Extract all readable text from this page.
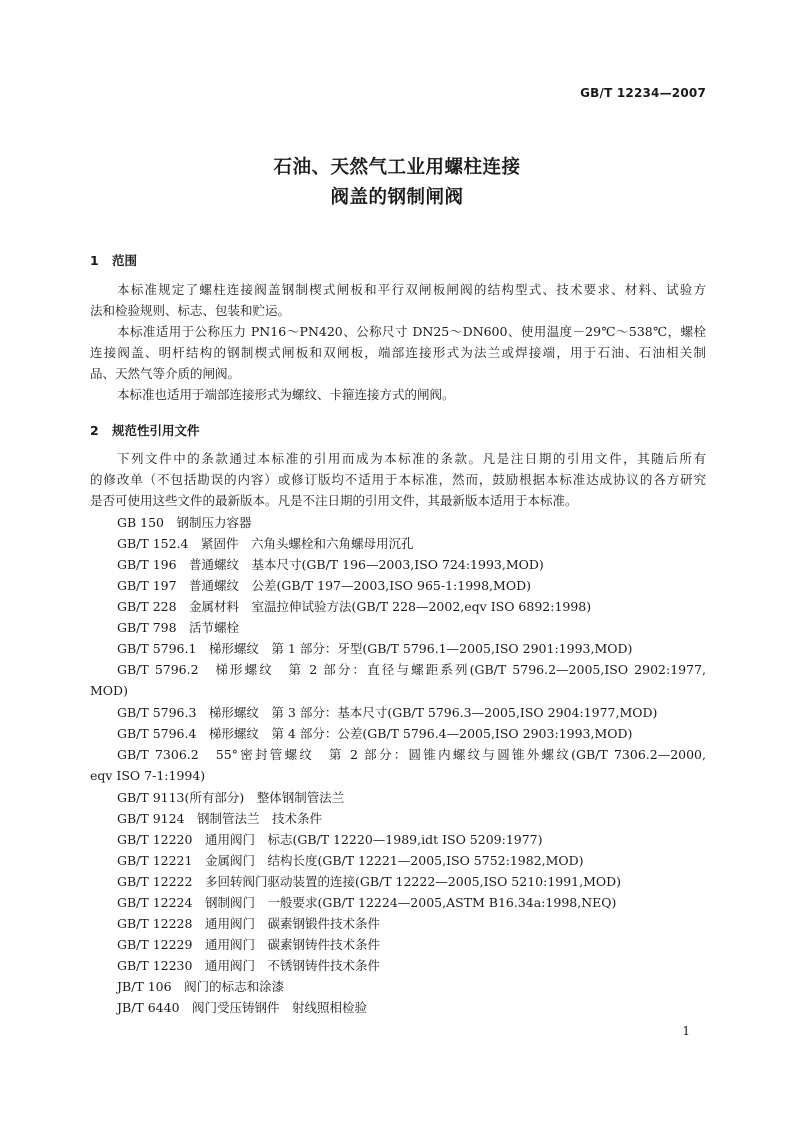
GB/T 12234—2007
石油、天然气工业用螺柱连接
阀盖的钢制闸阀
1 范围
本标准规定了螺柱连接阀盖钢制楔式闸板和平行双闸板闸阀的结构型式、技术要求、材料、试验方
法和检验规则、标志、包装和贮运。
本标准适用于公称压力 PN16～PN420、公称尺寸 DN25～DN600、使用温度－29℃～538℃，螺栓
连接阀盖、明杆结构的钢制楔式闸板和双闸板，端部连接形式为法兰或焊接端，用于石油、石油相关制
品、天然气等介质的闸阀。
本标准也适用于端部连接形式为螺纹、卡箍连接方式的闸阀。
2 规范性引用文件
下列文件中的条款通过本标准的引用而成为本标准的条款。凡是注日期的引用文件，其随后所有
的修改单（不包括勘误的内容）或修订版均不适用于本标准，然而，鼓励根据本标准达成协议的各方研究
是否可使用这些文件的最新版本。凡是不注日期的引用文件，其最新版本适用于本标准。
GB 150　钢制压力容器
GB/T 152.4　紧固件　六角头螺栓和六角螺母用沉孔
GB/T 196　普通螺纹　基本尺寸(GB/T 196—2003,ISO 724:1993,MOD)
GB/T 197　普通螺纹　公差(GB/T 197—2003,ISO 965-1:1998,MOD)
GB/T 228　金属材料　室温拉伸试验方法(GB/T 228—2002,eqv ISO 6892:1998)
GB/T 798　活节螺栓
GB/T 5796.1　梯形螺纹　第 1 部分：牙型(GB/T 5796.1—2005,ISO 2901:1993,MOD)
GB/T 5796.2　梯形螺纹　第 2 部分：直径与螺距系列(GB/T 5796.2—2005,ISO 2902:1977,
MOD)
GB/T 5796.3　梯形螺纹　第 3 部分：基本尺寸(GB/T 5796.3—2005,ISO 2904:1977,MOD)
GB/T 5796.4　梯形螺纹　第 4 部分：公差(GB/T 5796.4—2005,ISO 2903:1993,MOD)
GB/T 7306.2　55°密封管螺纹　第 2 部分：圆锥内螺纹与圆锥外螺纹(GB/T 7306.2—2000,
eqv ISO 7-1:1994)
GB/T 9113(所有部分)　整体钢制管法兰
GB/T 9124　钢制管法兰　技术条件
GB/T 12220　通用阀门　标志(GB/T 12220—1989,idt ISO 5209:1977)
GB/T 12221　金属阀门　结构长度(GB/T 12221—2005,ISO 5752:1982,MOD)
GB/T 12222　多回转阀门驱动装置的连接(GB/T 12222—2005,ISO 5210:1991,MOD)
GB/T 12224　钢制阀门　一般要求(GB/T 12224—2005,ASTM B16.34a:1998,NEQ)
GB/T 12228　通用阀门　碳素钢锻件技术条件
GB/T 12229　通用阀门　碳素钢铸件技术条件
GB/T 12230　通用阀门　不锈钢铸件技术条件
JB/T 106　阀门的标志和涂漆
JB/T 6440　阀门受压铸钢件　射线照相检验
1
